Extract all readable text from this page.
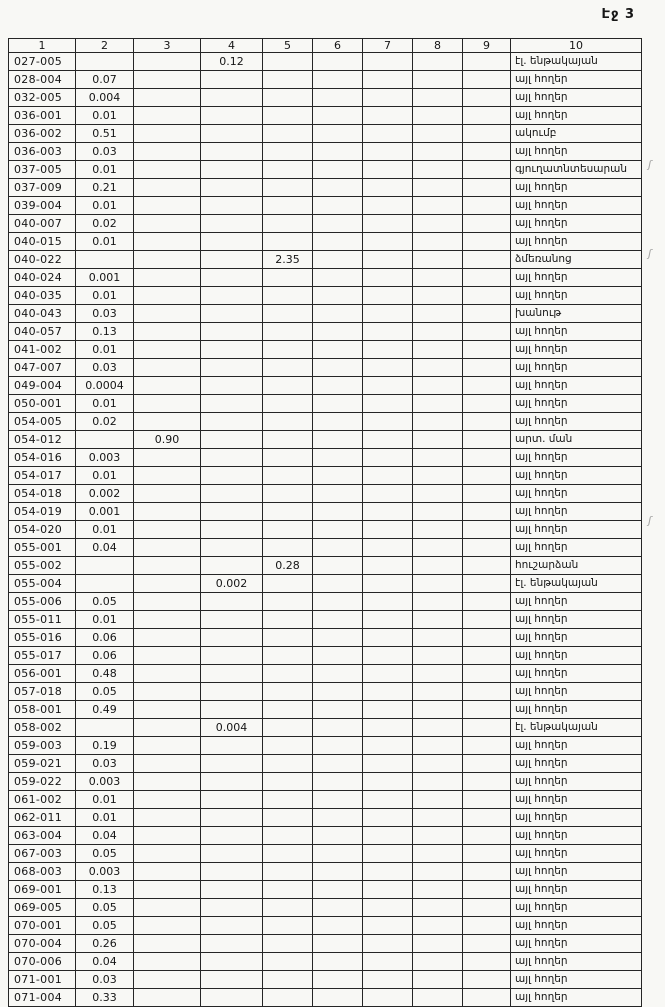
Էջ 3
1	2	3	4	5	6	7	8	9	10
027-005			0.12						էլ. ենթակայան
028-004	0.07								այլ հողեր
032-005	0.004								այլ հողեր
036-001	0.01								այլ հողեր
036-002	0.51								ակումբ
036-003	0.03								այլ հողեր
037-005	0.01								գյուղատնտեսարան
037-009	0.21								այլ հողեր
039-004	0.01								այլ հողեր
040-007	0.02								այլ հողեր
040-015	0.01								այլ հողեր
040-022				2.35					ձմեռանոց
040-024	0.001								այլ հողեր
040-035	0.01								այլ հողեր
040-043	0.03								խանութ
040-057	0.13								այլ հողեր
041-002	0.01								այլ հողեր
047-007	0.03								այլ հողեր
049-004	0.0004								այլ հողեր
050-001	0.01								այլ հողեր
054-005	0.02								այլ հողեր
054-012		0.90							արտ. ման
054-016	0.003								այլ հողեր
054-017	0.01								այլ հողեր
054-018	0.002								այլ հողեր
054-019	0.001								այլ հողեր
054-020	0.01								այլ հողեր
055-001	0.04								այլ հողեր
055-002				0.28					հուշարձան
055-004			0.002						էլ. ենթակայան
055-006	0.05								այլ հողեր
055-011	0.01								այլ հողեր
055-016	0.06								այլ հողեր
055-017	0.06								այլ հողեր
056-001	0.48								այլ հողեր
057-018	0.05								այլ հողեր
058-001	0.49								այլ հողեր
058-002			0.004						էլ. ենթակայան
059-003	0.19								այլ հողեր
059-021	0.03								այլ հողեր
059-022	0.003								այլ հողեր
061-002	0.01								այլ հողեր
062-011	0.01								այլ հողեր
063-004	0.04								այլ հողեր
067-003	0.05								այլ հողեր
068-003	0.003								այլ հողեր
069-001	0.13								այլ հողեր
069-005	0.05								այլ հողեր
070-001	0.05								այլ հողեր
070-004	0.26								այլ հողեր
070-006	0.04								այլ հողեր
071-001	0.03								այլ հողեր
071-004	0.33								այլ հողեր
ʃ
ʃ
ʃ
